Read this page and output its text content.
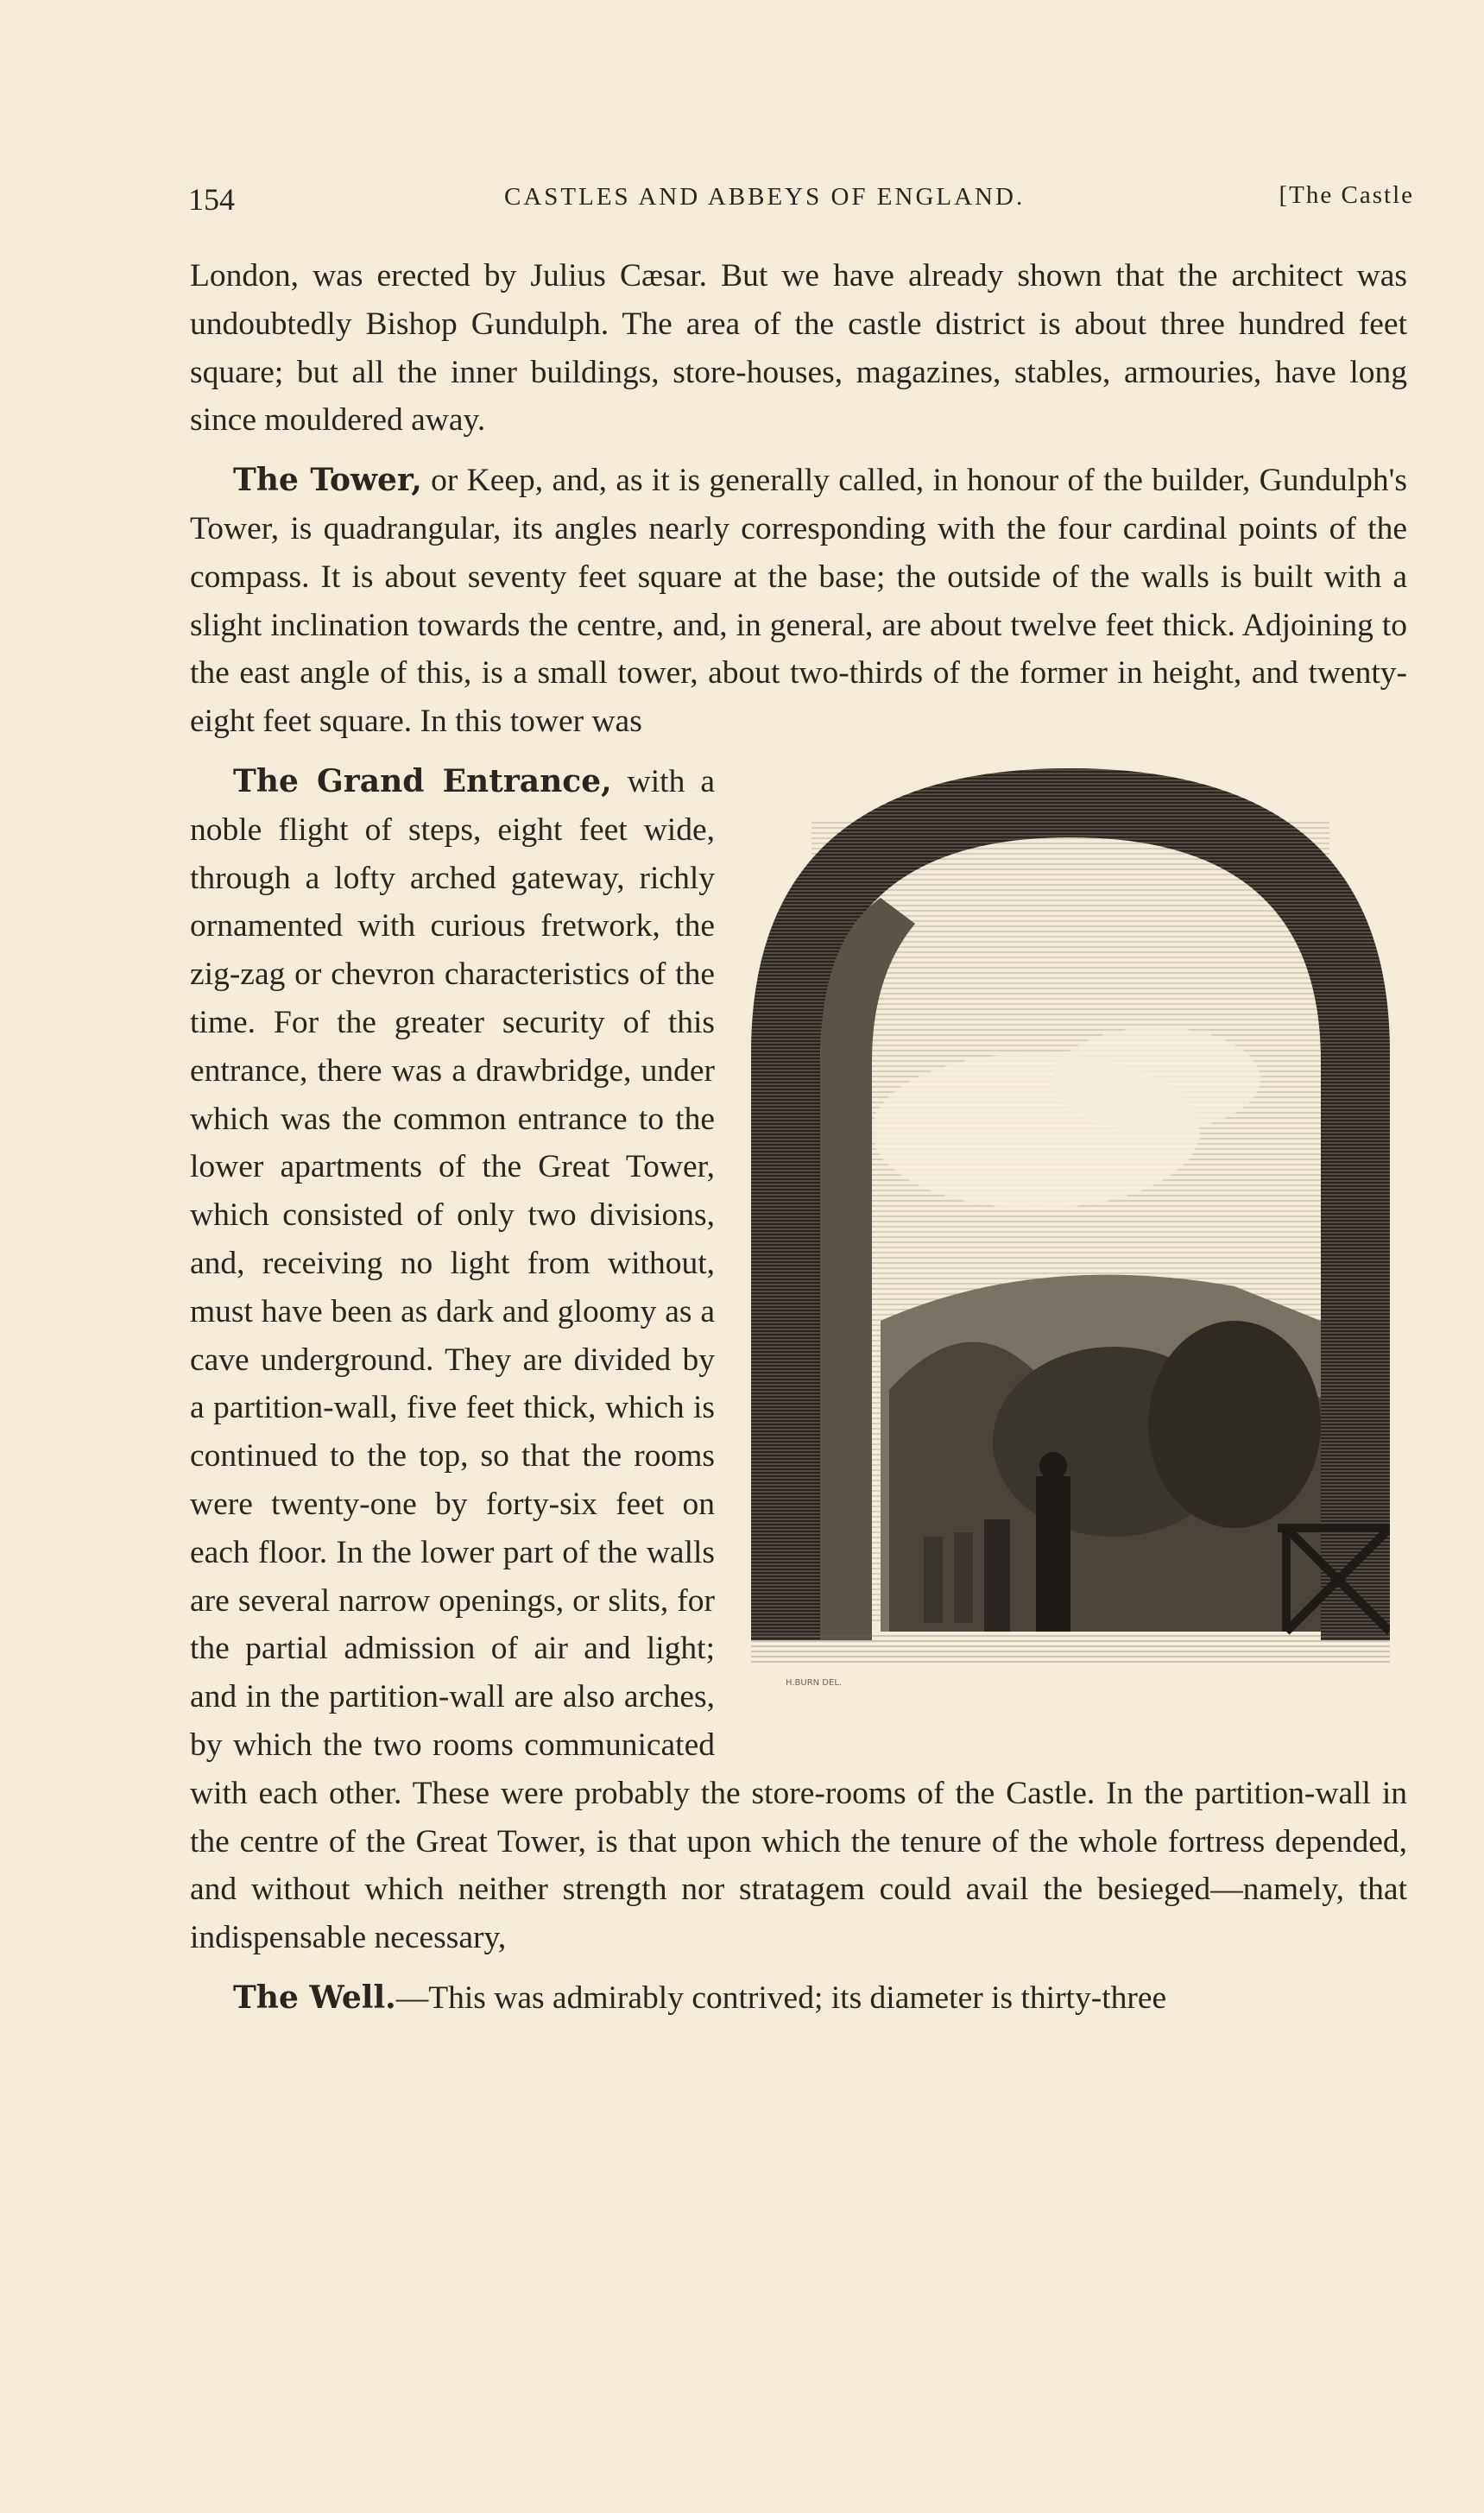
154	CASTLES AND ABBEYS OF ENGLAND.	[The Castle

London, was erected by Julius Cæsar. But we have already shown that the architect was undoubtedly Bishop Gundulph. The area of the castle district is about three hundred feet square; but all the inner buildings, store-houses, magazines, stables, armouries, have long since mouldered away.

The Tower, or Keep, and, as it is generally called, in honour of the builder, Gundulph's Tower, is quadrangular, its angles nearly corresponding with the four cardinal points of the compass. It is about seventy feet square at the base; the outside of the walls is built with a slight inclination towards the centre, and, in general, are about twelve feet thick. Adjoining to the east angle of this, is a small tower, about two-thirds of the former in height, and twenty-eight feet square. In this tower was

H.BURN DEL.
The Grand Entrance, with a noble flight of steps, eight feet wide, through a lofty arched gateway, richly ornamented with curious fretwork, the zig-zag or chevron characteristics of the time. For the greater security of this entrance, there was a drawbridge, under which was the common entrance to the lower apartments of the Great Tower, which consisted of only two divisions, and, receiving no light from without, must have been as dark and gloomy as a cave underground. They are divided by a partition-wall, five feet thick, which is continued to the top, so that the rooms were twenty-one by forty-six feet on each floor. In the lower part of the walls are several narrow openings, or slits, for the partial admission of air and light; and in the partition-wall are also arches, by which the two rooms communicated with each other. These were probably the store-rooms of the Castle. In the partition-wall in the centre of the Great Tower, is that upon which the tenure of the whole fortress depended, and without which neither strength nor stratagem could avail the besieged—namely, that indispensable necessary,

The Well.—This was admirably contrived; its diameter is thirty-three
